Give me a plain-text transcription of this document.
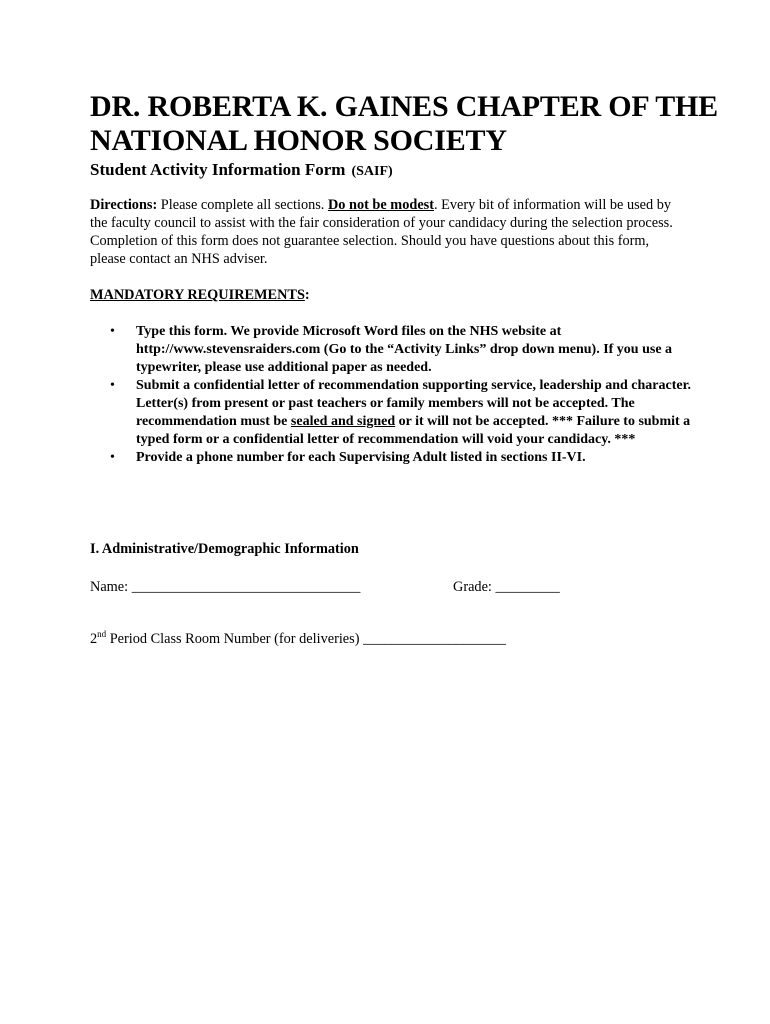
DR. ROBERTA K. GAINES CHAPTER OF THE NATIONAL HONOR SOCIETY

Student Activity Information Form (SAIF)

Directions: Please complete all sections. Do not be modest. Every bit of information will be used by the faculty council to assist with the fair consideration of your candidacy during the selection process. Completion of this form does not guarantee selection. Should you have questions about this form, please contact an NHS adviser.

MANDATORY REQUIREMENTS:

• Type this form. We provide Microsoft Word files on the NHS website at http://www.stevensraiders.com (Go to the “Activity Links” drop down menu). If you use a typewriter, please use additional paper as needed.
• Submit a confidential letter of recommendation supporting service, leadership and character. Letter(s) from present or past teachers or family members will not be accepted. The recommendation must be sealed and signed or it will not be accepted. *** Failure to submit a typed form or a confidential letter of recommendation will void your candidacy. ***
• Provide a phone number for each Supervising Adult listed in sections II-VI.

I. Administrative/Demographic Information

Name: ________________________________	Grade: _________
2nd Period Class Room Number (for deliveries) ____________________
